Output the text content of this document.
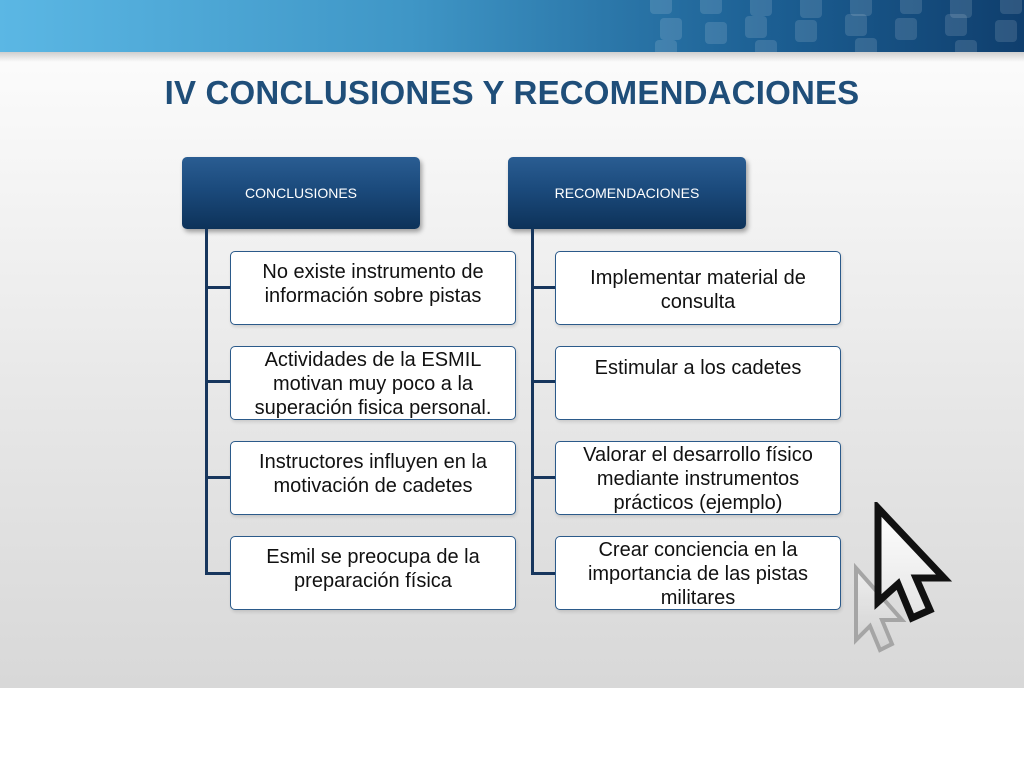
IV CONCLUSIONES Y RECOMENDACIONES
CONCLUSIONES
No existe instrumento de
información sobre pistas
Actividades de la ESMIL
motivan muy poco a la
superación fisica personal.
Instructores influyen en la
motivación de cadetes
Esmil se preocupa de la
preparación física
RECOMENDACIONES
Implementar material de
consulta
Estimular a los cadetes
Valorar el desarrollo físico
mediante instrumentos
prácticos (ejemplo)
Crear conciencia en la
importancia de las pistas
militares
